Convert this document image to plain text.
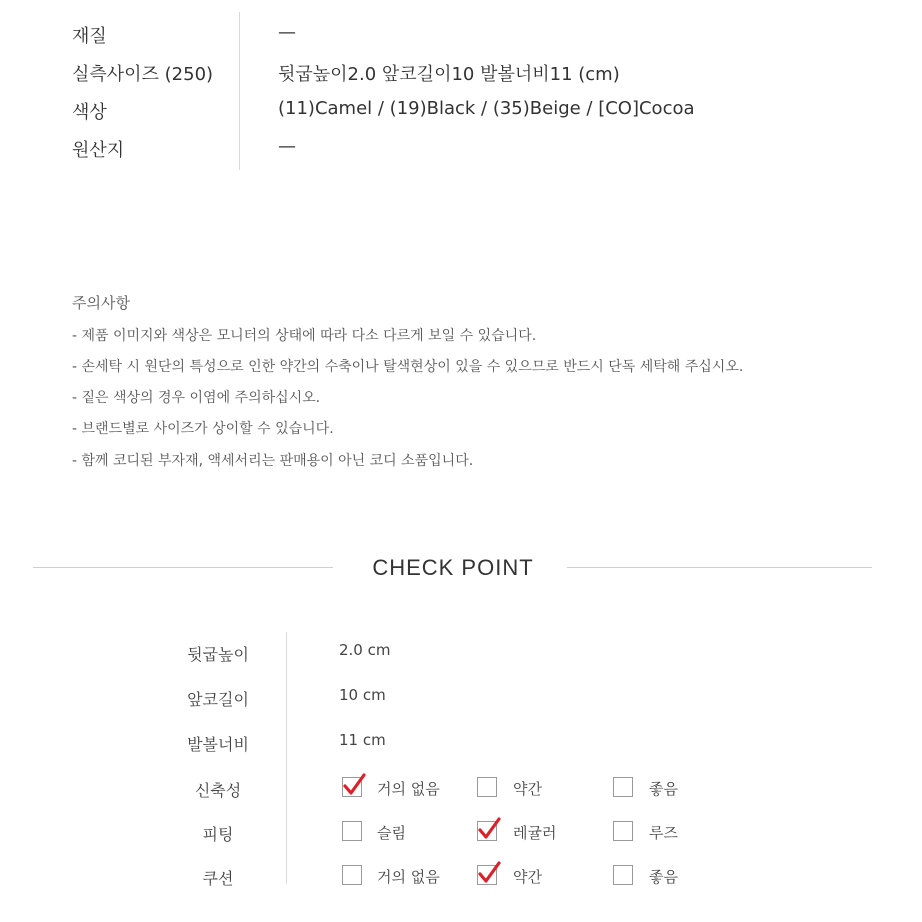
재질	—
실측사이즈 (250)	뒷굽높이2.0 앞코길이10 발볼너비11 (cm)
색상	(11)Camel / (19)Black / (35)Beige / [CO]Cocoa
원산지	—
주의사항
- 제품 이미지와 색상은 모니터의 상태에 따라 다소 다르게 보일 수 있습니다.
- 손세탁 시 원단의 특성으로 인한 약간의 수축이나 탈색현상이 있을 수 있으므로 반드시 단독 세탁해 주십시오.
- 짙은 색상의 경우 이염에 주의하십시오.
- 브랜드별로 사이즈가 상이할 수 있습니다.
- 함께 코디된 부자재, 액세서리는 판매용이 아닌 코디 소품입니다.
CHECK POINT
뒷굽높이	2.0 cm
앞코길이	10 cm
발볼너비	11 cm
신축성	거의 없음	약간	좋음
피팅	슬림	레귤러	루즈
쿠션	거의 없음	약간	좋음
